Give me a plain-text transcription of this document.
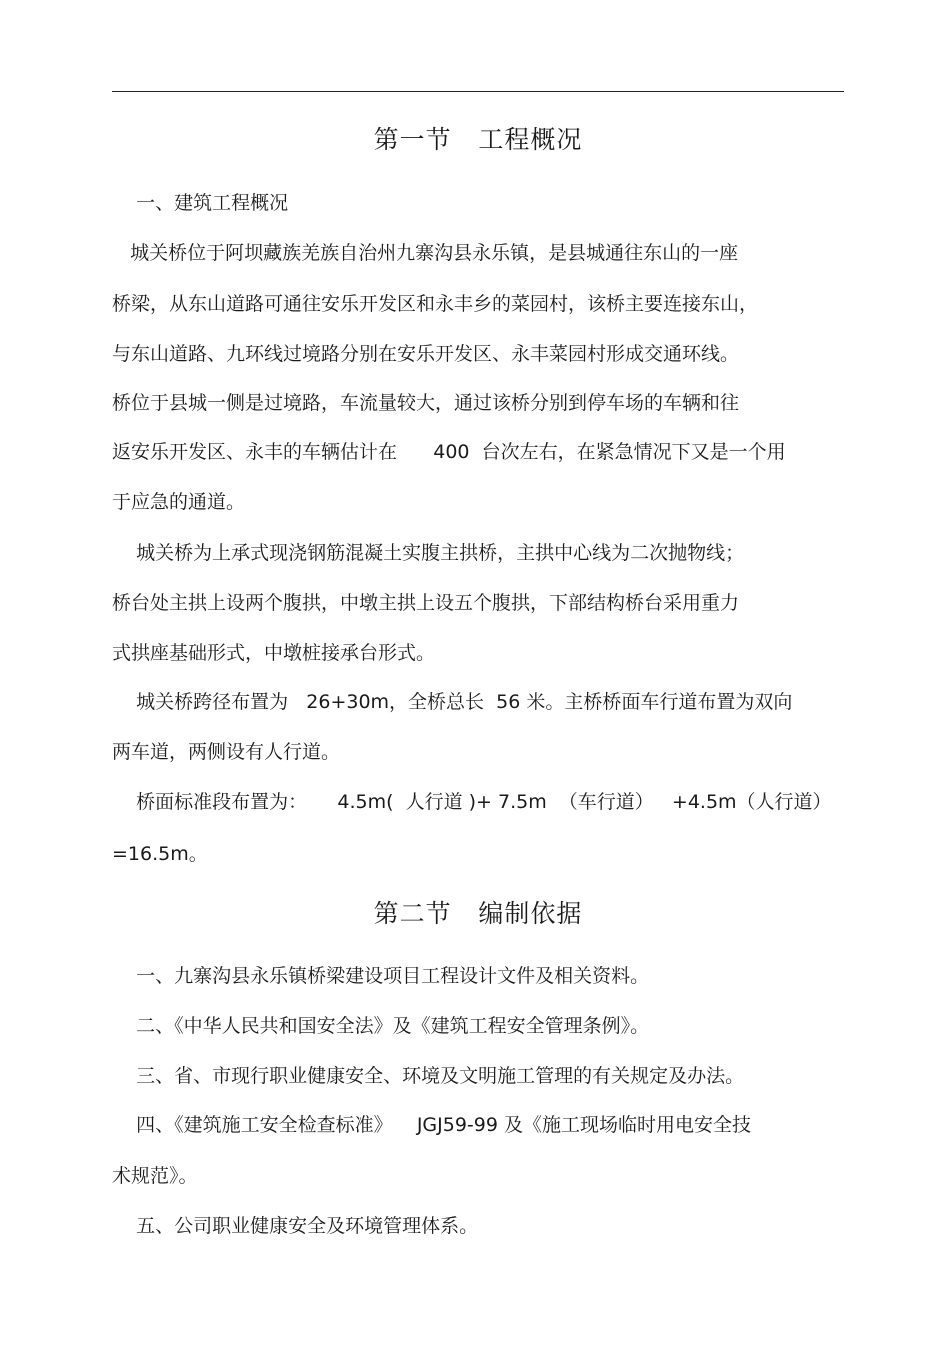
第一节   工程概况
一、建筑工程概况
城关桥位于阿坝藏族羌族自治州九寨沟县永乐镇，是县城通往东山的一座
桥梁，从东山道路可通往安乐开发区和永丰乡的菜园村，该桥主要连接东山，
与东山道路、九环线过境路分别在安乐开发区、永丰菜园村形成交通环线。
桥位于县城一侧是过境路，车流量较大，通过该桥分别到停车场的车辆和往
返安乐开发区、永丰的车辆估计在      400  台次左右，在紧急情况下又是一个用
于应急的通道。
城关桥为上承式现浇钢筋混凝土实腹主拱桥，主拱中心线为二次抛物线；
桥台处主拱上设两个腹拱，中墩主拱上设五个腹拱，下部结构桥台采用重力
式拱座基础形式，中墩桩接承台形式。
城关桥跨径布置为   26+30m，全桥总长  56 米。主桥桥面车行道布置为双向
两车道，两侧设有人行道。
桥面标准段布置为：     4.5m(  人行道 )+ 7.5m  （车行道）   +4.5m（人行道）
=16.5m。
第二节   编制依据
一、九寨沟县永乐镇桥梁建设项目工程设计文件及相关资料。
二、《中华人民共和国安全法》及《建筑工程安全管理条例》。
三、省、市现行职业健康安全、环境及文明施工管理的有关规定及办法。
四、《建筑施工安全检查标准》    JGJ59-99 及《施工现场临时用电安全技
术规范》。
五、公司职业健康安全及环境管理体系。
